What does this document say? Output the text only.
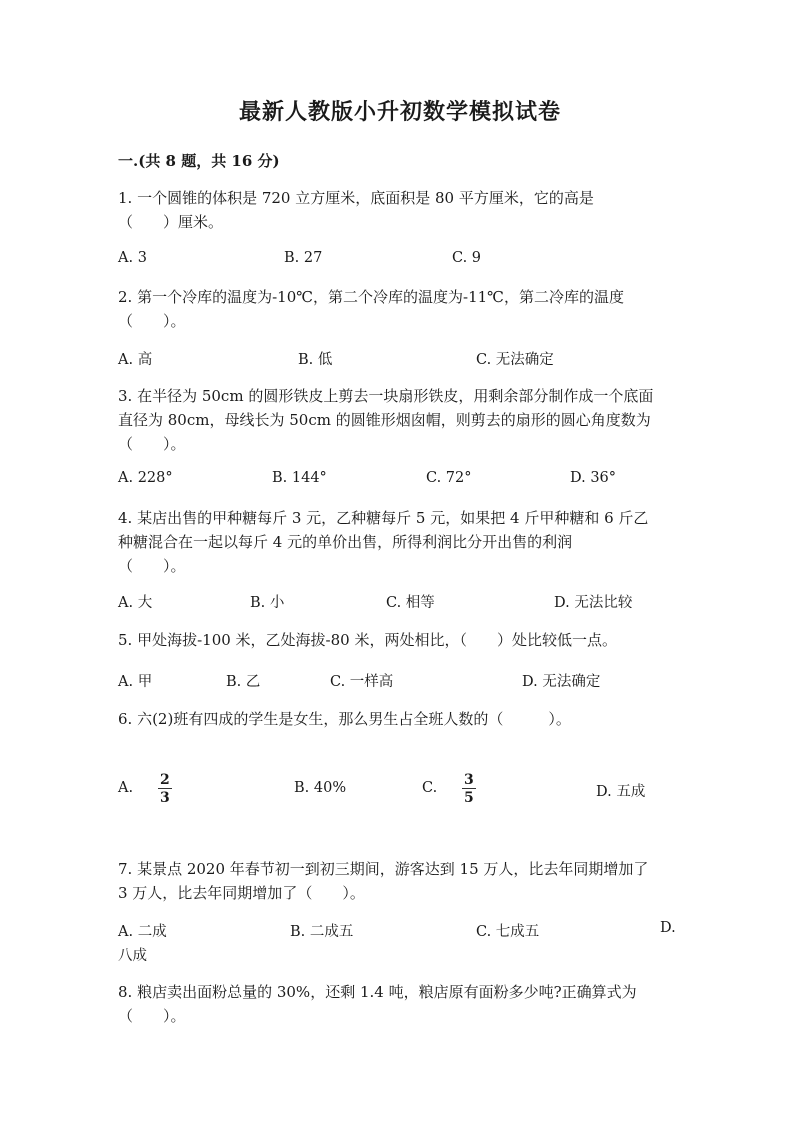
最新人教版小升初数学模拟试卷
一.(共 8 题，共 16 分)
1. 一个圆锥的体积是 720 立方厘米，底面积是 80 平方厘米，它的高是
（　　）厘米。
A. 3	B. 27	C. 9
2. 第一个冷库的温度为-10℃，第二个冷库的温度为-11℃，第二冷库的温度
（　　）。
A. 高	B. 低	C. 无法确定
3. 在半径为 50cm 的圆形铁皮上剪去一块扇形铁皮，用剩余部分制作成一个底面
直径为 80cm，母线长为 50cm 的圆锥形烟囱帽，则剪去的扇形的圆心角度数为
（　　）。
A. 228°	B. 144°	C. 72°	D. 36°
4. 某店出售的甲种糖每斤 3 元，乙种糖每斤 5 元，如果把 4 斤甲种糖和 6 斤乙
种糖混合在一起以每斤 4 元的单价出售，所得利润比分开出售的利润
（　　）。
A. 大	B. 小	C. 相等	D. 无法比较
5. 甲处海拔-100 米，乙处海拔-80 米，两处相比，（　　）处比较低一点。
A. 甲	B. 乙	C. 一样高	D. 无法确定
6. 六(2)班有四成的学生是女生，那么男生占全班人数的（　　　）。
A. 2
3
B. 40%	C. 3
5	D. 五成
7. 某景点 2020 年春节初一到初三期间，游客达到 15 万人，比去年同期增加了
3 万人，比去年同期增加了（　　）。
A. 二成	B. 二成五	C. 七成五	D.
八成
8. 粮店卖出面粉总量的 30%，还剩 1.4 吨，粮店原有面粉多少吨?正确算式为
（　　）。
